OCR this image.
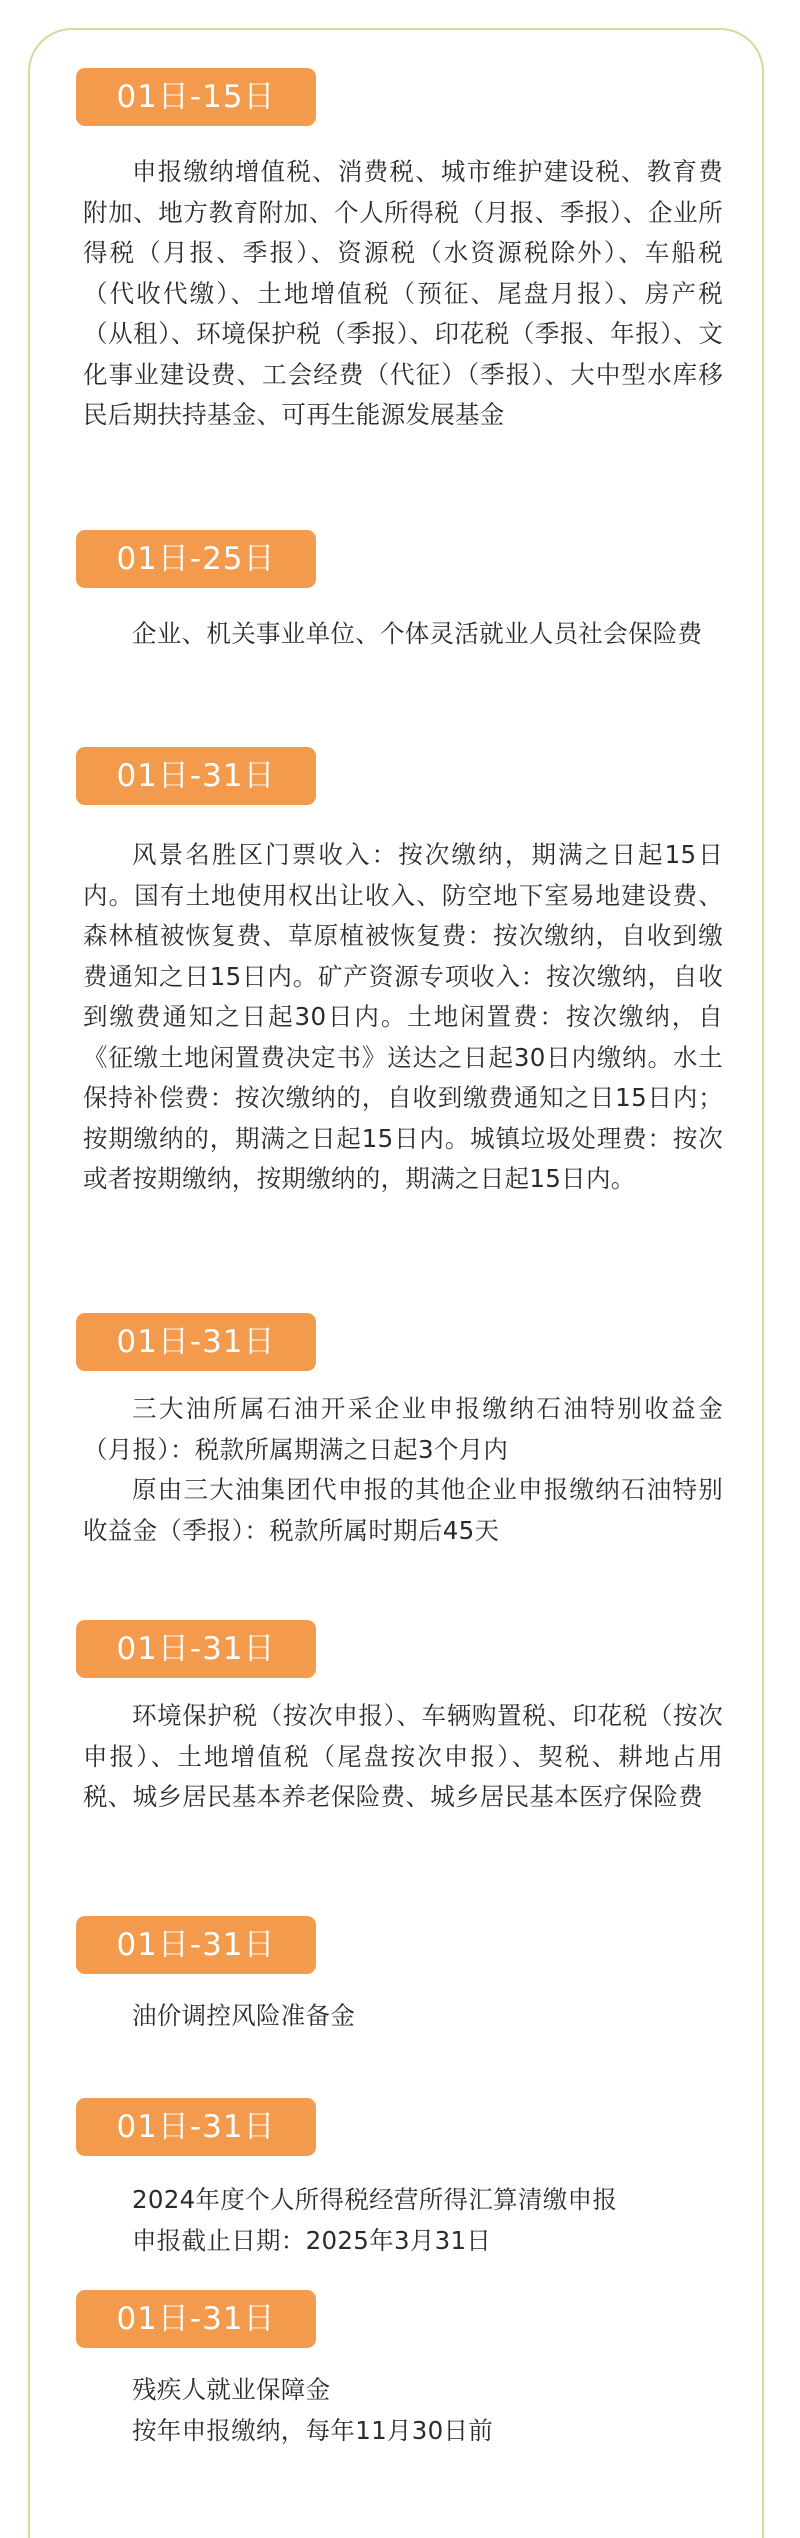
01日-15日

申报缴纳增值税、消费税、城市维护建设税、教育费附加、地方教育附加、个人所得税（月报、季报）、企业所得税（月报、季报）、资源税（水资源税除外）、车船税（代收代缴）、土地增值税（预征、尾盘月报）、房产税（从租）、环境保护税（季报）、印花税（季报、年报）、文化事业建设费、工会经费（代征）（季报）、大中型水库移民后期扶持基金、可再生能源发展基金

01日-25日

企业、机关事业单位、个体灵活就业人员社会保险费

01日-31日

风景名胜区门票收入：按次缴纳，期满之日起15日内。国有土地使用权出让收入、防空地下室易地建设费、森林植被恢复费、草原植被恢复费：按次缴纳，自收到缴费通知之日15日内。矿产资源专项收入：按次缴纳，自收到缴费通知之日起30日内。土地闲置费：按次缴纳，自《征缴土地闲置费决定书》送达之日起30日内缴纳。水土保持补偿费：按次缴纳的，自收到缴费通知之日15日内；按期缴纳的，期满之日起15日内。城镇垃圾处理费：按次或者按期缴纳，按期缴纳的，期满之日起15日内。

01日-31日

三大油所属石油开采企业申报缴纳石油特别收益金（月报）：税款所属期满之日起3个月内

原由三大油集团代申报的其他企业申报缴纳石油特别收益金（季报）：税款所属时期后45天

01日-31日

环境保护税（按次申报）、车辆购置税、印花税（按次申报）、土地增值税（尾盘按次申报）、契税、耕地占用税、城乡居民基本养老保险费、城乡居民基本医疗保险费

01日-31日

油价调控风险准备金

01日-31日

2024年度个人所得税经营所得汇算清缴申报

申报截止日期：2025年3月31日

01日-31日

残疾人就业保障金

按年申报缴纳，每年11月30日前
